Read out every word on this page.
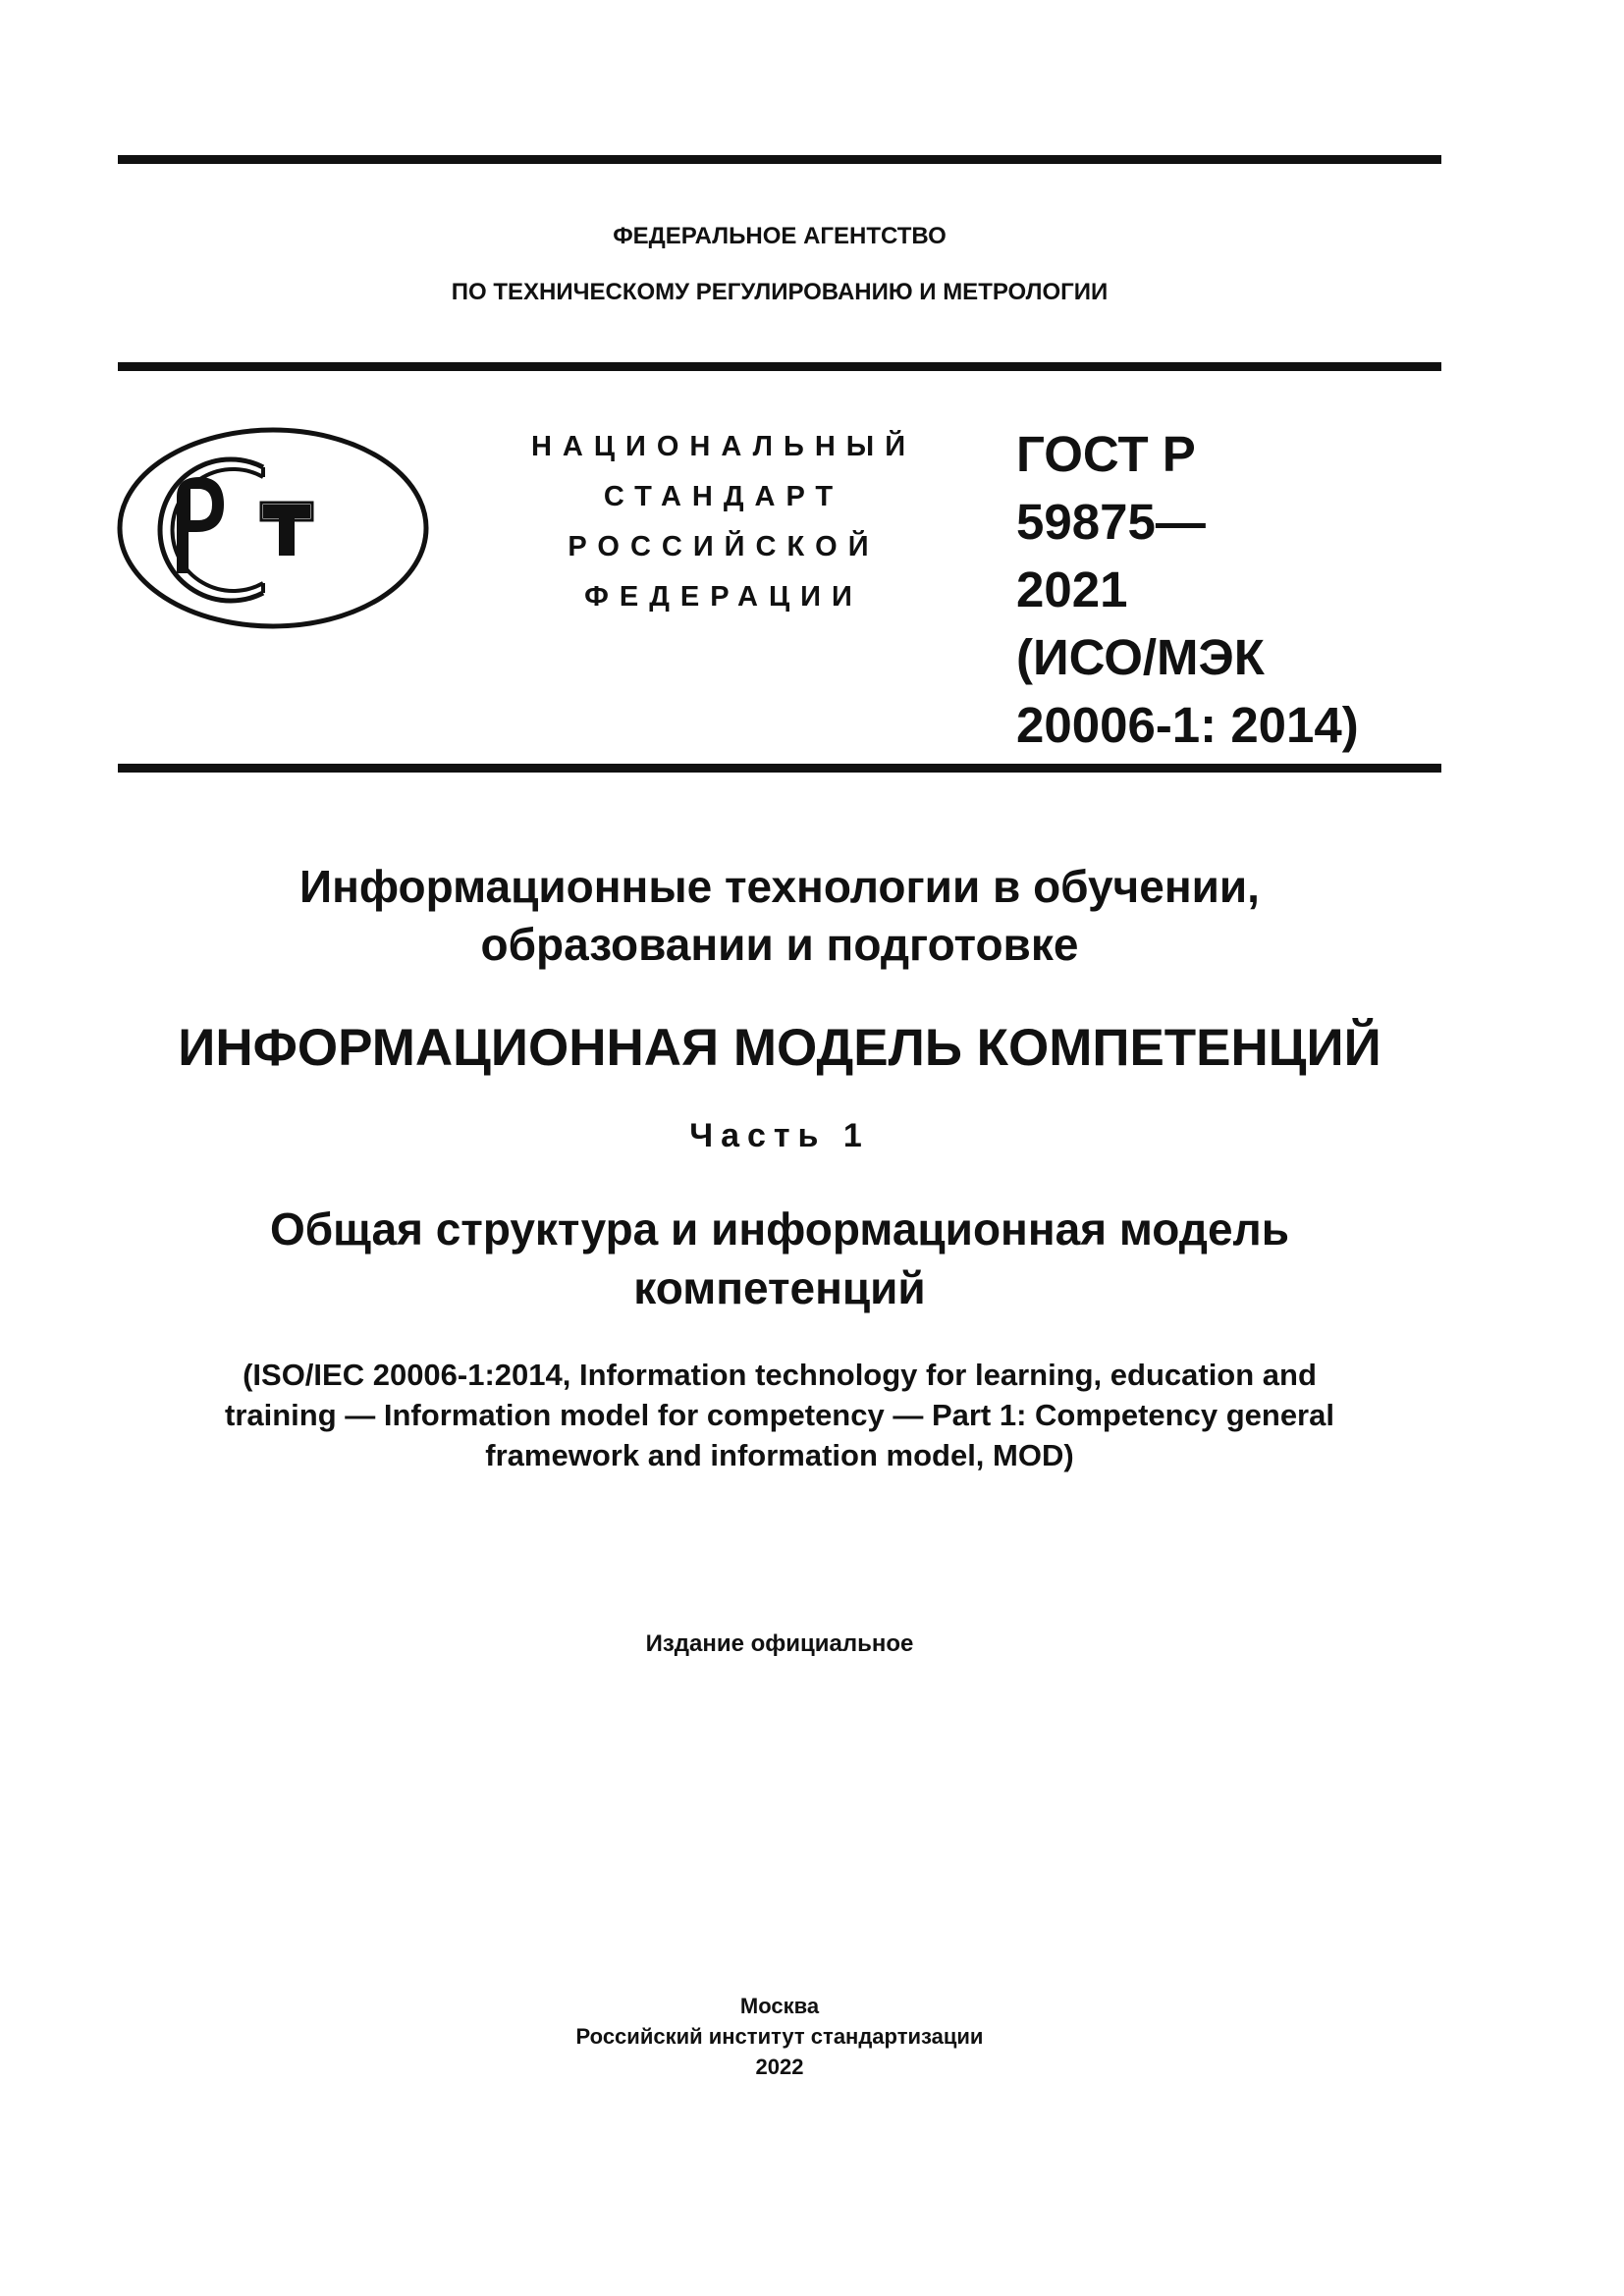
ФЕДЕРАЛЬНОЕ АГЕНТСТВО
ПО ТЕХНИЧЕСКОМУ РЕГУЛИРОВАНИЮ И МЕТРОЛОГИИ
НАЦИОНАЛЬНЫЙ
СТАНДАРТ
РОССИЙСКОЙ
ФЕДЕРАЦИИ
ГОСТ Р
59875—
2021
(ИСО/МЭК
20006-1: 2014)
Информационные технологии в обучении,
образовании и подготовке
ИНФОРМАЦИОННАЯ МОДЕЛЬ КОМПЕТЕНЦИЙ
Часть 1
Общая структура и информационная модель
компетенций
(ISO/IEC 20006-1:2014, Information technology for learning, education and
training — Information model for competency — Part 1: Competency general
framework and information model, MOD)
Издание официальное
Москва
Российский институт стандартизации
2022
